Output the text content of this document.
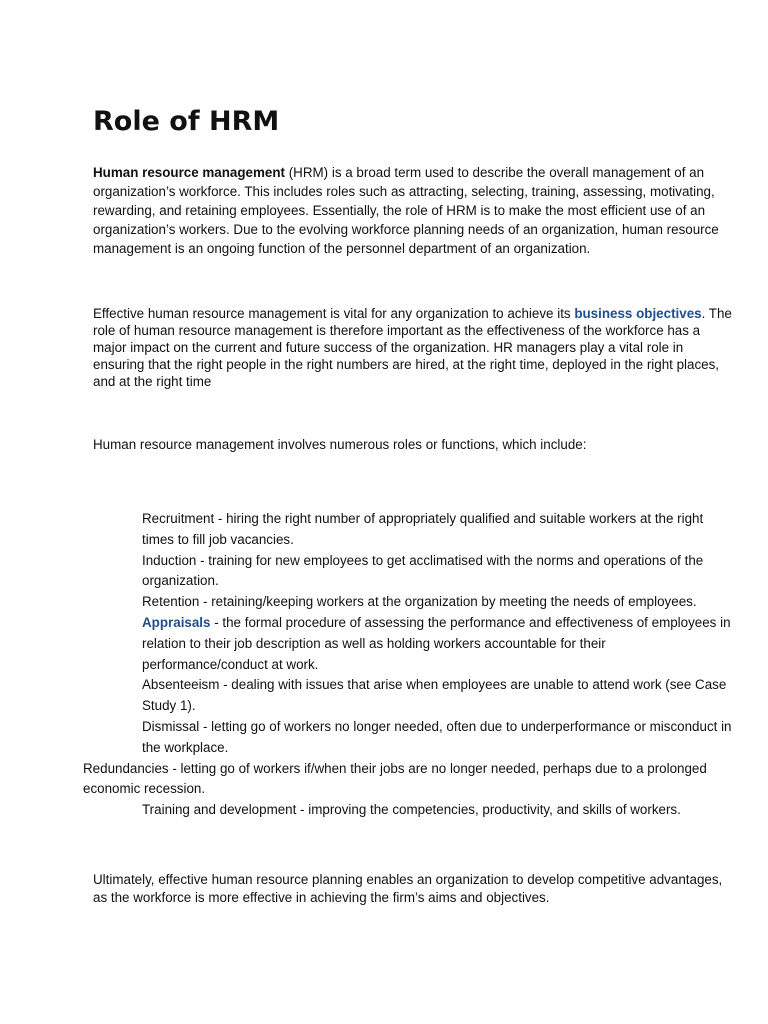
Role of HRM

Human resource management (HRM) is a broad term used to describe the overall management of an organization’s workforce. This includes roles such as attracting, selecting, training, assessing, motivating, rewarding, and retaining employees. Essentially, the role of HRM is to make the most efficient use of an organization’s workers. Due to the evolving workforce planning needs of an organization, human resource management is an ongoing function of the personnel department of an organization.

Effective human resource management is vital for any organization to achieve its business objectives. The role of human resource management is therefore important as the effectiveness of the workforce has a major impact on the current and future success of the organization. HR managers play a vital role in ensuring that the right people in the right numbers are hired, at the right time, deployed in the right places, and at the right time

Human resource management involves numerous roles or functions, which include:

Recruitment - hiring the right number of appropriately qualified and suitable workers at the right times to fill job vacancies.
Induction - training for new employees to get acclimatised with the norms and operations of the organization.
Retention - retaining/keeping workers at the organization by meeting the needs of employees.
Appraisals - the formal procedure of assessing the performance and effectiveness of employees in relation to their job description as well as holding workers accountable for their performance/conduct at work.
Absenteeism - dealing with issues that arise when employees are unable to attend work (see Case Study 1).
Dismissal - letting go of workers no longer needed, often due to underperformance or misconduct in the workplace.
Redundancies - letting go of workers if/when their jobs are no longer needed, perhaps due to a prolonged economic recession.
Training and development - improving the competencies, productivity, and skills of workers.

Ultimately, effective human resource planning enables an organization to develop competitive advantages, as the workforce is more effective in achieving the firm’s aims and objectives.
